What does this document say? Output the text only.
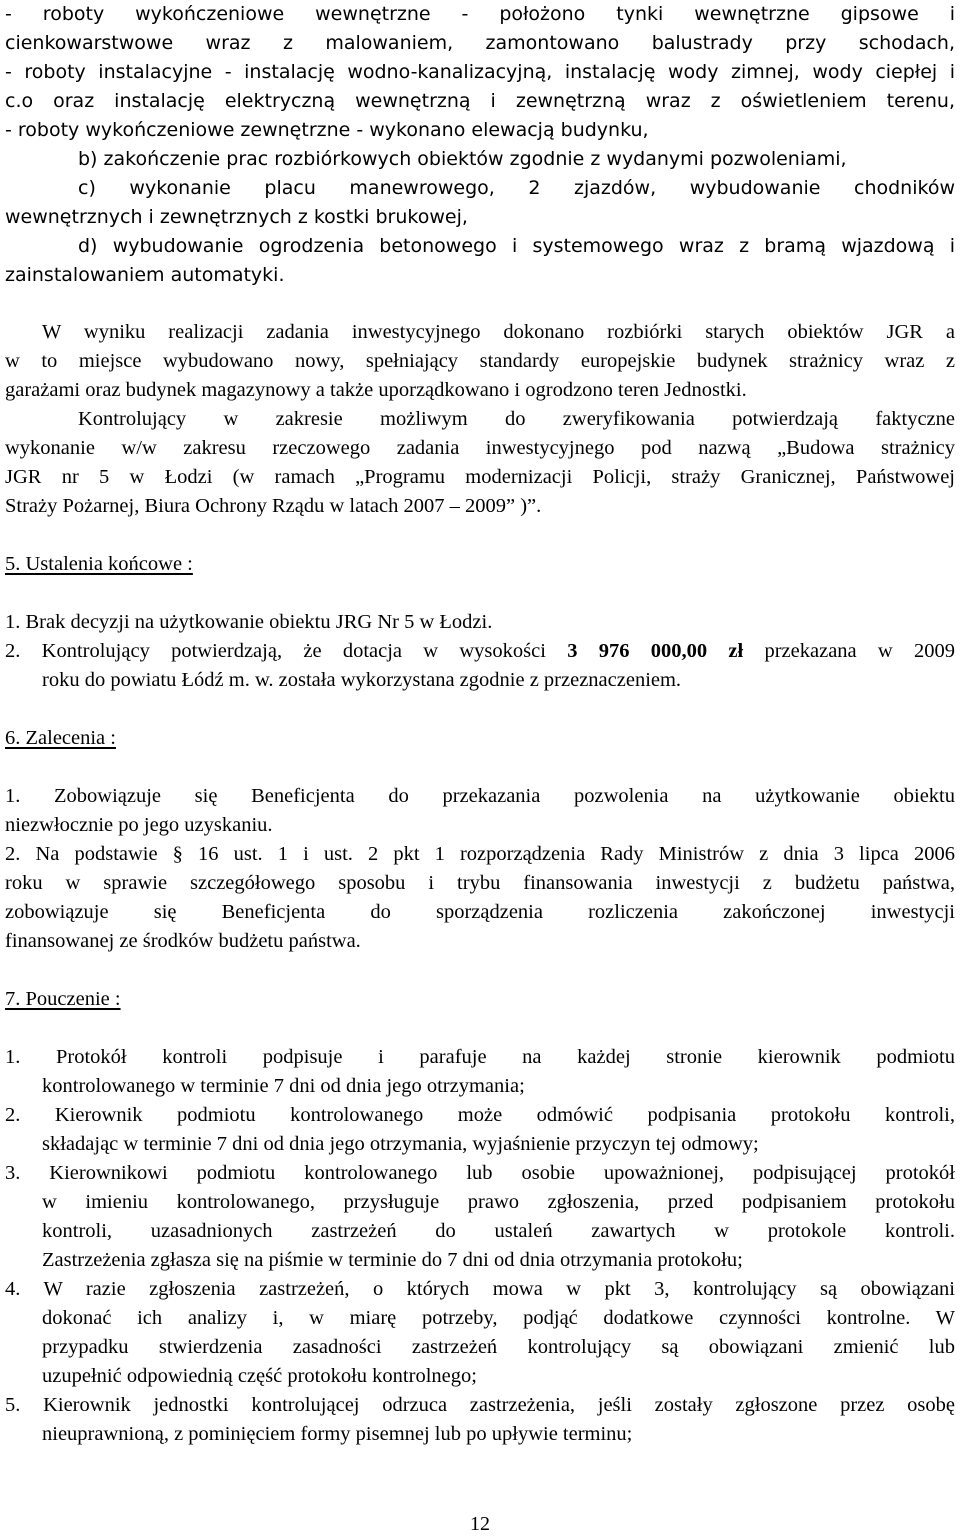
- roboty wykończeniowe wewnętrzne - położono tynki wewnętrzne gipsowe i

cienkowarstwowe wraz z malowaniem, zamontowano balustrady przy schodach,

- roboty instalacyjne - instalację wodno-kanalizacyjną, instalację wody zimnej, wody ciepłej i

c.o oraz instalację elektryczną wewnętrzną i zewnętrzną wraz z oświetleniem terenu,

- roboty wykończeniowe zewnętrzne - wykonano elewacją budynku,

b) zakończenie prac rozbiórkowych obiektów zgodnie z wydanymi pozwoleniami,

c) wykonanie placu manewrowego, 2 zjazdów, wybudowanie chodników

wewnętrznych i zewnętrznych z kostki brukowej,

d) wybudowanie ogrodzenia betonowego i systemowego wraz z bramą wjazdową i

zainstalowaniem automatyki.

W wyniku realizacji zadania inwestycyjnego dokonano rozbiórki starych obiektów JGR a

w to miejsce wybudowano nowy, spełniający standardy europejskie budynek strażnicy wraz z

garażami oraz budynek magazynowy a także uporządkowano i ogrodzono teren Jednostki.

Kontrolujący w zakresie możliwym do zweryfikowania potwierdzają faktyczne

wykonanie w/w zakresu rzeczowego zadania inwestycyjnego pod nazwą „Budowa strażnicy

JGR nr 5 w Łodzi (w ramach „Programu modernizacji Policji, straży Granicznej, Państwowej

Straży Pożarnej, Biura Ochrony Rządu w latach 2007 – 2009” )”.

5. Ustalenia końcowe :

1. Brak decyzji na użytkowanie obiektu JRG Nr 5 w Łodzi.

2. Kontrolujący potwierdzają, że dotacja w wysokości 3 976 000,00 zł przekazana w 2009

roku do powiatu Łódź m. w. została wykorzystana zgodnie z przeznaczeniem.

6. Zalecenia :

1. Zobowiązuje się Beneficjenta do przekazania pozwolenia na użytkowanie obiektu

niezwłocznie po jego uzyskaniu.

2. Na podstawie § 16 ust. 1 i ust. 2 pkt 1 rozporządzenia Rady Ministrów z dnia 3 lipca 2006

roku w sprawie szczegółowego sposobu i trybu finansowania inwestycji z budżetu państwa,

zobowiązuje się Beneficjenta do sporządzenia rozliczenia zakończonej inwestycji

finansowanej ze środków budżetu państwa.

7. Pouczenie :

1. Protokół kontroli podpisuje i parafuje na każdej stronie kierownik podmiotu

kontrolowanego w terminie 7 dni od dnia jego otrzymania;

2. Kierownik podmiotu kontrolowanego może odmówić podpisania protokołu kontroli,

składając w terminie 7 dni od dnia jego otrzymania, wyjaśnienie przyczyn tej odmowy;

3. Kierownikowi podmiotu kontrolowanego lub osobie upoważnionej, podpisującej protokół

w imieniu kontrolowanego, przysługuje prawo zgłoszenia, przed podpisaniem protokołu

kontroli, uzasadnionych zastrzeżeń do ustaleń zawartych w protokole kontroli.

Zastrzeżenia zgłasza się na piśmie w terminie do 7 dni od dnia otrzymania protokołu;

4. W razie zgłoszenia zastrzeżeń, o których mowa w pkt 3, kontrolujący są obowiązani

dokonać ich analizy i, w miarę potrzeby, podjąć dodatkowe czynności kontrolne. W

przypadku stwierdzenia zasadności zastrzeżeń kontrolujący są obowiązani zmienić lub

uzupełnić odpowiednią część protokołu kontrolnego;

5. Kierownik jednostki kontrolującej odrzuca zastrzeżenia, jeśli zostały zgłoszone przez osobę

nieuprawnioną, z pominięciem formy pisemnej lub po upływie terminu;

12
